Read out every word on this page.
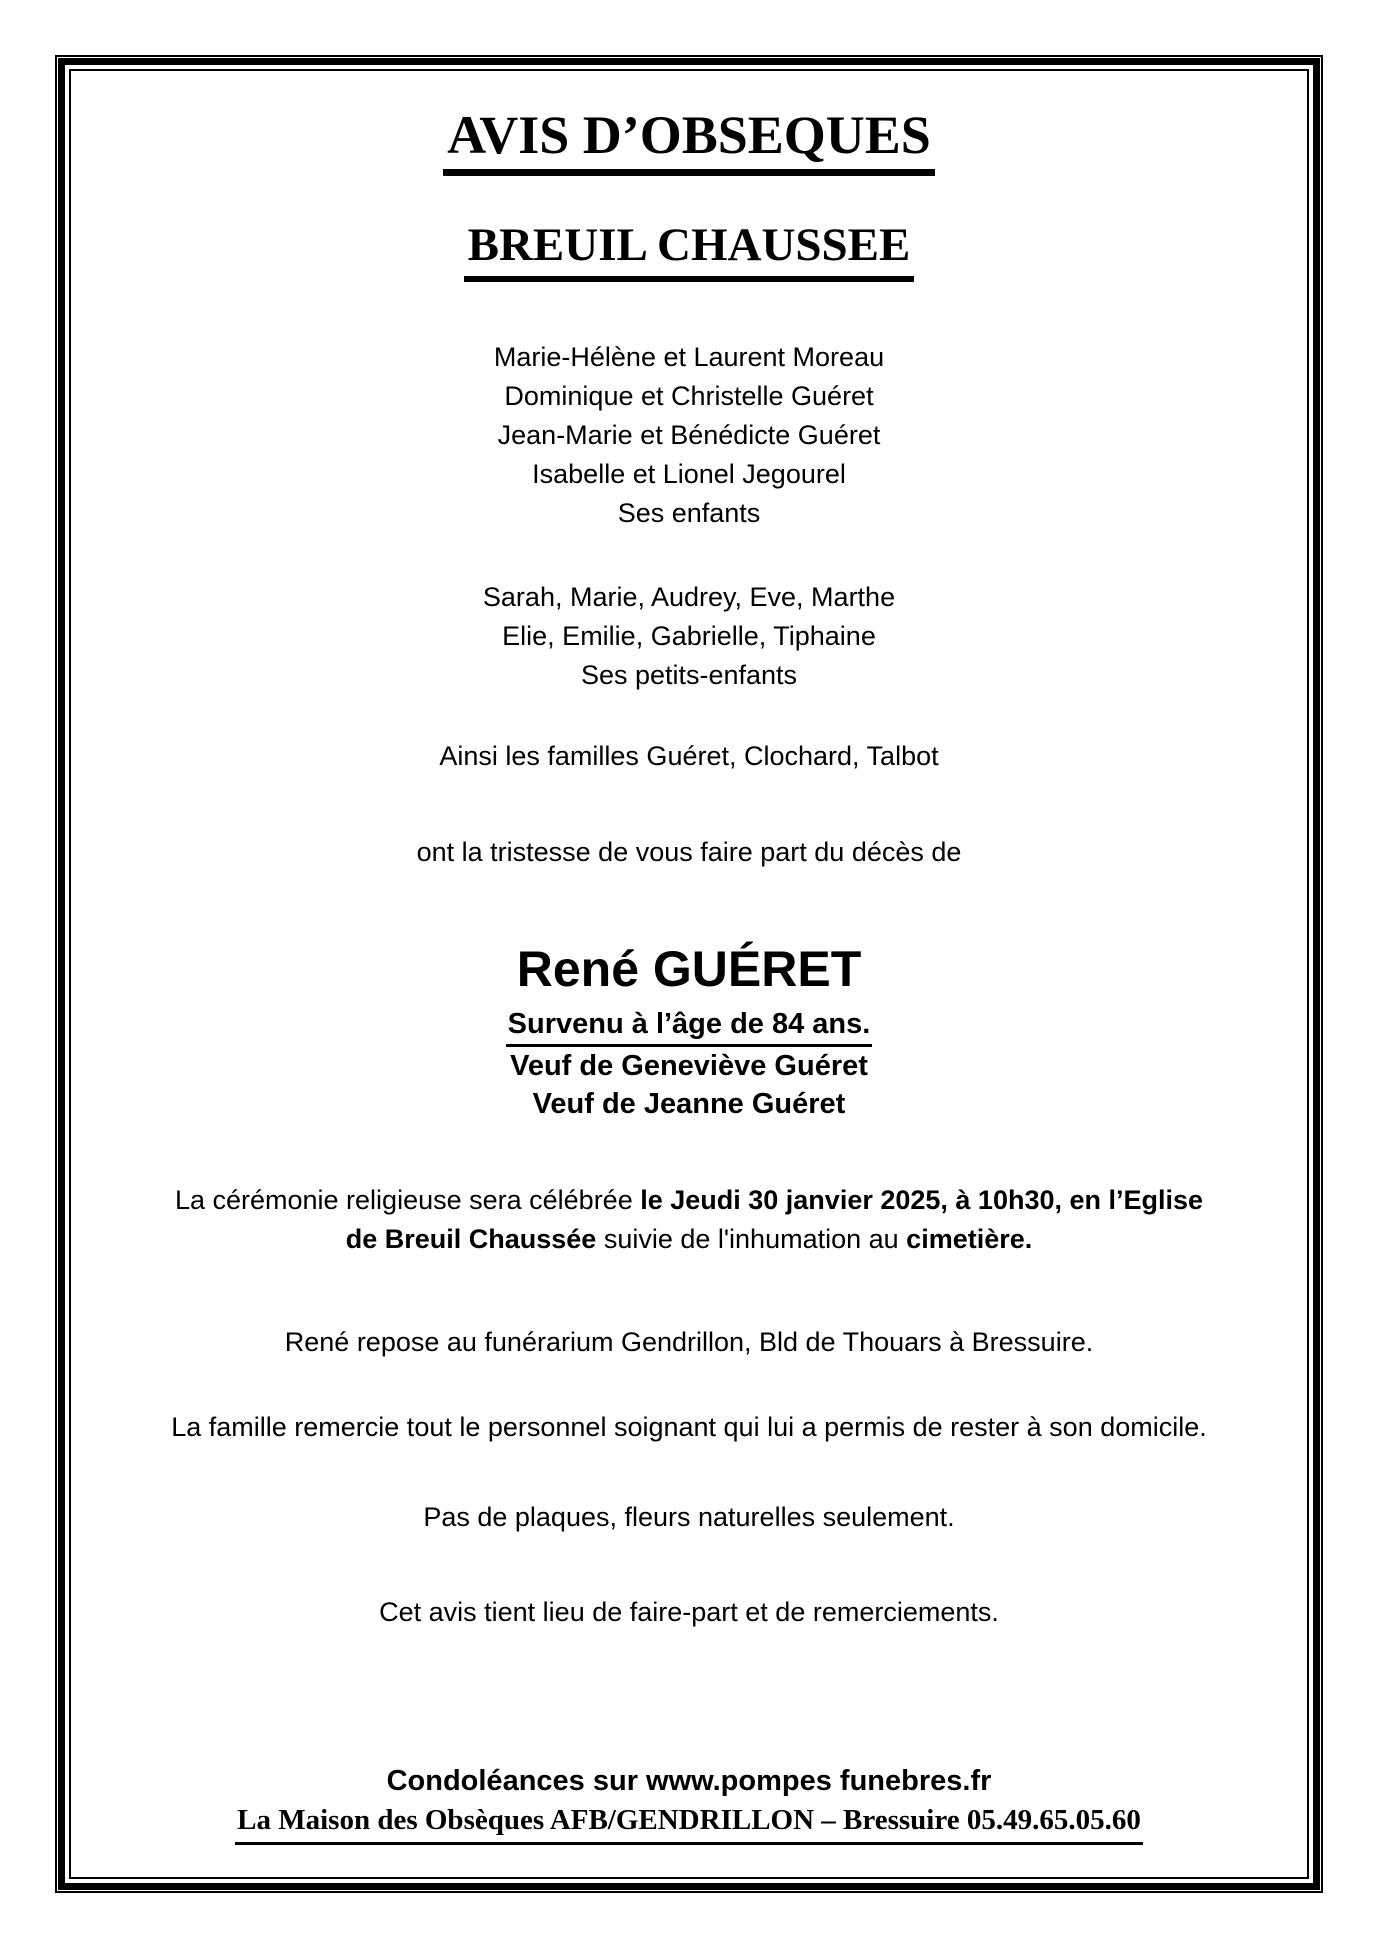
AVIS D’OBSEQUES
BREUIL CHAUSSEE
Marie-Hélène et Laurent Moreau
Dominique et Christelle Guéret
Jean-Marie et Bénédicte Guéret
Isabelle et Lionel Jegourel
Ses enfants
Sarah, Marie, Audrey, Eve, Marthe
Elie, Emilie, Gabrielle, Tiphaine
Ses petits-enfants
Ainsi les familles Guéret, Clochard, Talbot
ont la tristesse de vous faire part du décès de
René GUÉRET
Survenu à l’âge de 84 ans.
Veuf de Geneviève Guéret
Veuf de Jeanne Guéret
La cérémonie religieuse sera célébrée le Jeudi 30 janvier 2025, à 10h30, en l’Eglise
de Breuil Chaussée suivie de l'inhumation au cimetière.
René repose au funérarium Gendrillon, Bld de Thouars à Bressuire.
La famille remercie tout le personnel soignant qui lui a permis de rester à son domicile.
Pas de plaques, fleurs naturelles seulement.
Cet avis tient lieu de faire-part et de remerciements.
Condoléances sur www.pompes funebres.fr
La Maison des Obsèques AFB/GENDRILLON – Bressuire 05.49.65.05.60
